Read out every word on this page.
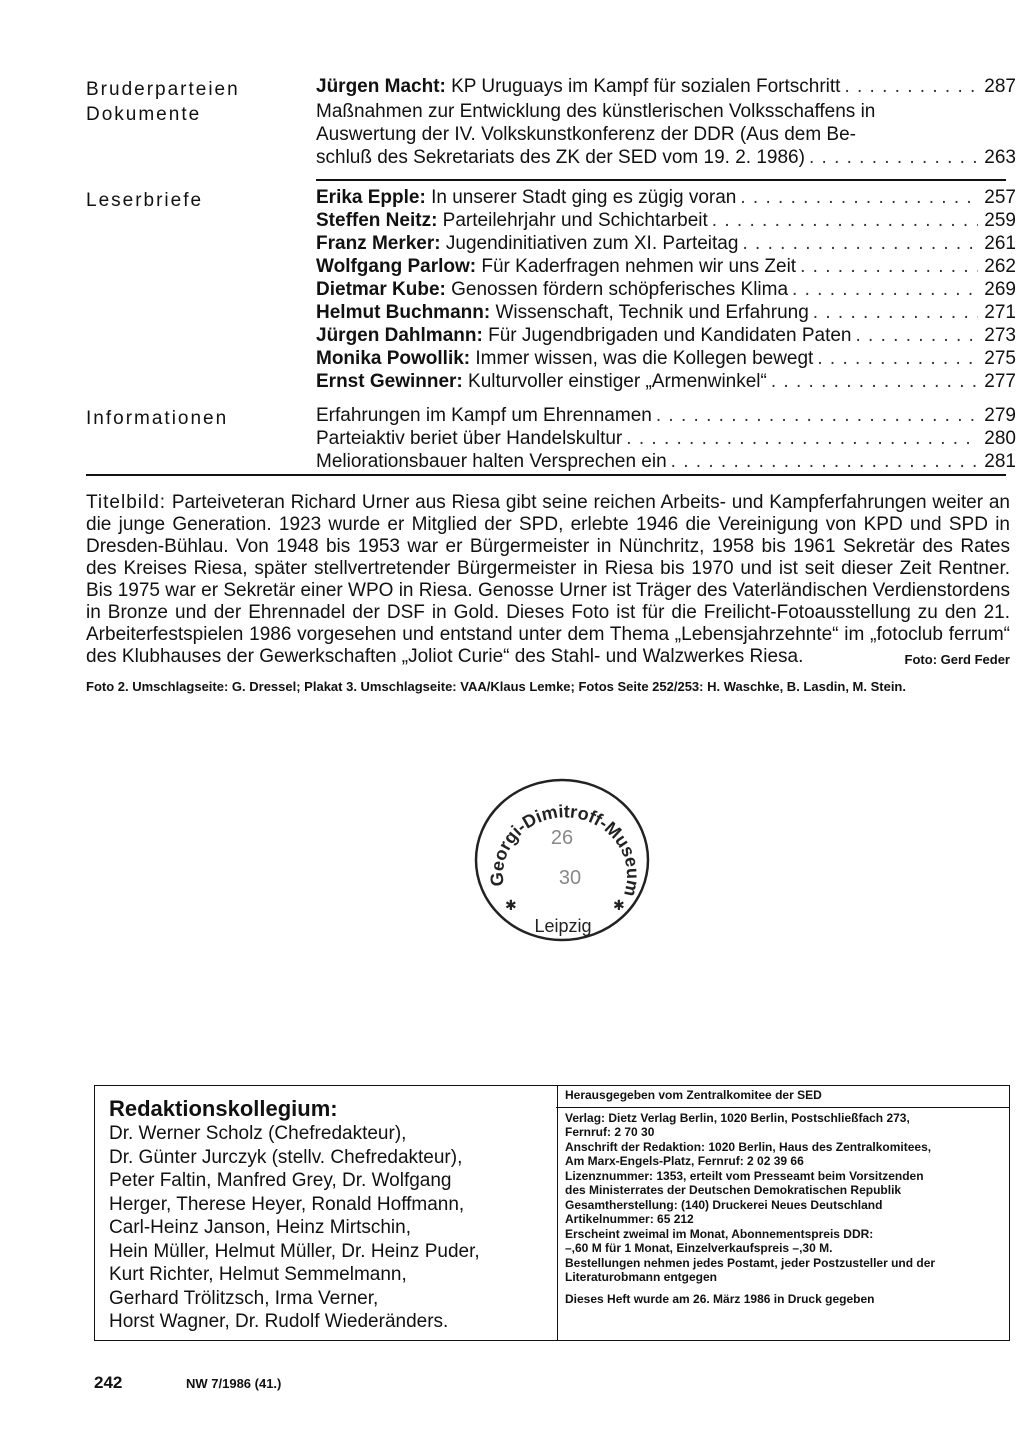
Bruderparteien	Jürgen Macht: KP Uruguays im Kampf für sozialen Fortschritt . . .	287
Dokumente	Maßnahmen zur Entwicklung des künstlerischen Volksschaffens in
Auswertung der IV. Volkskunstkonferenz der DDR (Aus dem Be-
schluß des Sekretariats des ZK der SED vom 19. 2. 1986) . . .	263
Leserbriefe	Erika Epple: In unserer Stadt ging es zügig voran . . .	257
Steffen Neitz: Parteilehrjahr und Schichtarbeit . . .	259
Franz Merker: Jugendinitiativen zum XI. Parteitag . . .	261
Wolfgang Parlow: Für Kaderfragen nehmen wir uns Zeit . . .	262
Dietmar Kube: Genossen fördern schöpferisches Klima . . .	269
Helmut Buchmann: Wissenschaft, Technik und Erfahrung . . .	271
Jürgen Dahlmann: Für Jugendbrigaden und Kandidaten Paten . . .	273
Monika Powollik: Immer wissen, was die Kollegen bewegt . . .	275
Ernst Gewinner: Kulturvoller einstiger „Armenwinkel“ . . .	277
Informationen	Erfahrungen im Kampf um Ehrennamen . . .	279
Parteiaktiv beriet über Handelskultur . . .	280
Meliorationsbauer halten Versprechen ein . . .	281
Titelbild: Parteiveteran Richard Urner aus Riesa gibt seine reichen Arbeits- und Kampferfahrungen weiter an die junge Generation. 1923 wurde er Mitglied der SPD, erlebte 1946 die Vereinigung von KPD und SPD in Dresden-Bühlau. Von 1948 bis 1953 war er Bürgermeister in Nünchritz, 1958 bis 1961 Sekretär des Rates des Kreises Riesa, später stellvertretender Bürgermeister in Riesa bis 1970 und ist seit dieser Zeit Rentner. Bis 1975 war er Sekretär einer WPO in Riesa. Genosse Urner ist Träger des Vaterländischen Verdienstordens in Bronze und der Ehrennadel der DSF in Gold. Dieses Foto ist für die Freilicht-Fotoausstellung zu den 21. Arbeiterfestspielen 1986 vorgesehen und entstand unter dem Thema „Lebensjahrzehnte“ im „fotoclub ferrum“ des Klubhauses der Gewerkschaften „Joliot Curie“ des Stahl- und Walzwerkes Riesa.	Foto: Gerd Feder
Foto 2. Umschlagseite: G. Dressel; Plakat 3. Umschlagseite: VAA/Klaus Lemke; Fotos Seite 252/253: H. Waschke, B. Lasdin, M. Stein.
Georgi-Dimitroff-Museum
26
30
✱	✱
Leipzig
Redaktionskollegium:
Dr. Werner Scholz (Chefredakteur),
Dr. Günter Jurczyk (stellv. Chefredakteur),
Peter Faltin, Manfred Grey, Dr. Wolfgang
Herger, Therese Heyer, Ronald Hoffmann,
Carl-Heinz Janson, Heinz Mirtschin,
Hein Müller, Helmut Müller, Dr. Heinz Puder,
Kurt Richter, Helmut Semmelmann,
Gerhard Trölitzsch, Irma Verner,
Horst Wagner, Dr. Rudolf Wiederänders.
Herausgegeben vom Zentralkomitee der SED
Verlag: Dietz Verlag Berlin, 1020 Berlin, Postschließfach 273,
Fernruf: 2 70 30
Anschrift der Redaktion: 1020 Berlin, Haus des Zentralkomitees,
Am Marx-Engels-Platz, Fernruf: 2 02 39 66
Lizenznummer: 1353, erteilt vom Presseamt beim Vorsitzenden
des Ministerrates der Deutschen Demokratischen Republik
Gesamtherstellung: (140) Druckerei Neues Deutschland
Artikelnummer: 65 212
Erscheint zweimal im Monat, Abonnementspreis DDR:
–,60 M für 1 Monat, Einzelverkaufspreis –,30 M.
Bestellungen nehmen jedes Postamt, jeder Postzusteller und der
Literaturobmann entgegen
Dieses Heft wurde am 26. März 1986 in Druck gegeben
242	NW 7/1986 (41.)
